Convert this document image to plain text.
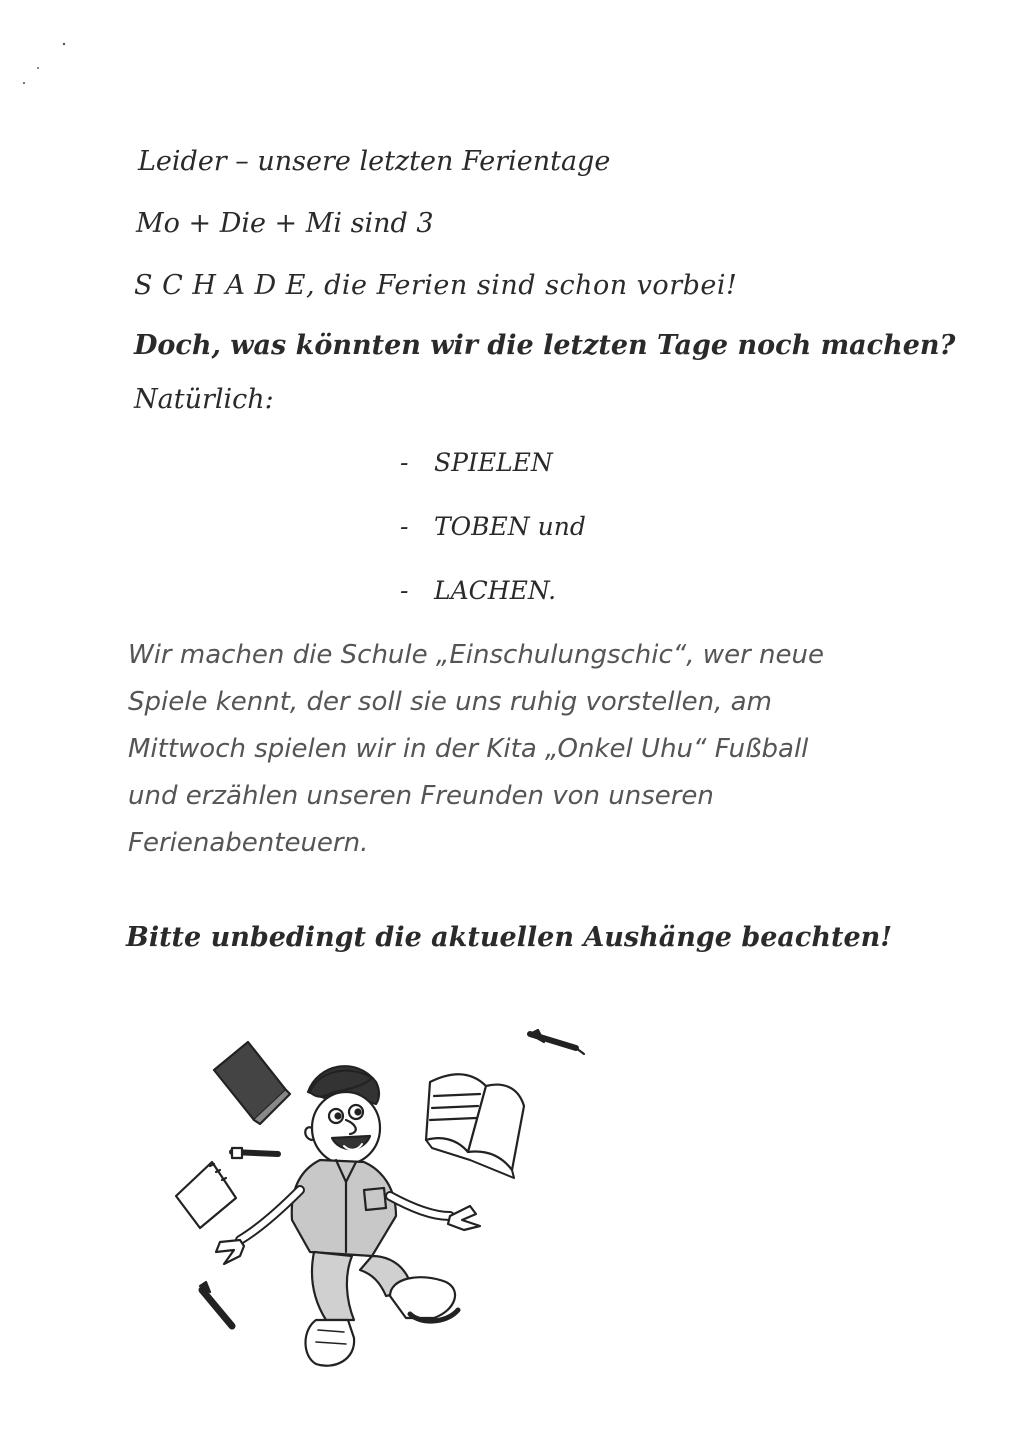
Leider – unsere letzten Ferientage
Mo + Die + Mi sind 3
S C H A D E, die Ferien sind schon vorbei!
Doch, was könnten wir die letzten Tage noch machen?
Natürlich:
- SPIELEN
- TOBEN und
- LACHEN.
Wir machen die Schule „Einschulungschic“, wer neue
Spiele kennt, der soll sie uns ruhig vorstellen, am
Mittwoch spielen wir in der Kita „Onkel Uhu“ Fußball
und erzählen unseren Freunden von unseren
Ferienabenteuern.
Bitte unbedingt die aktuellen Aushänge beachten!
